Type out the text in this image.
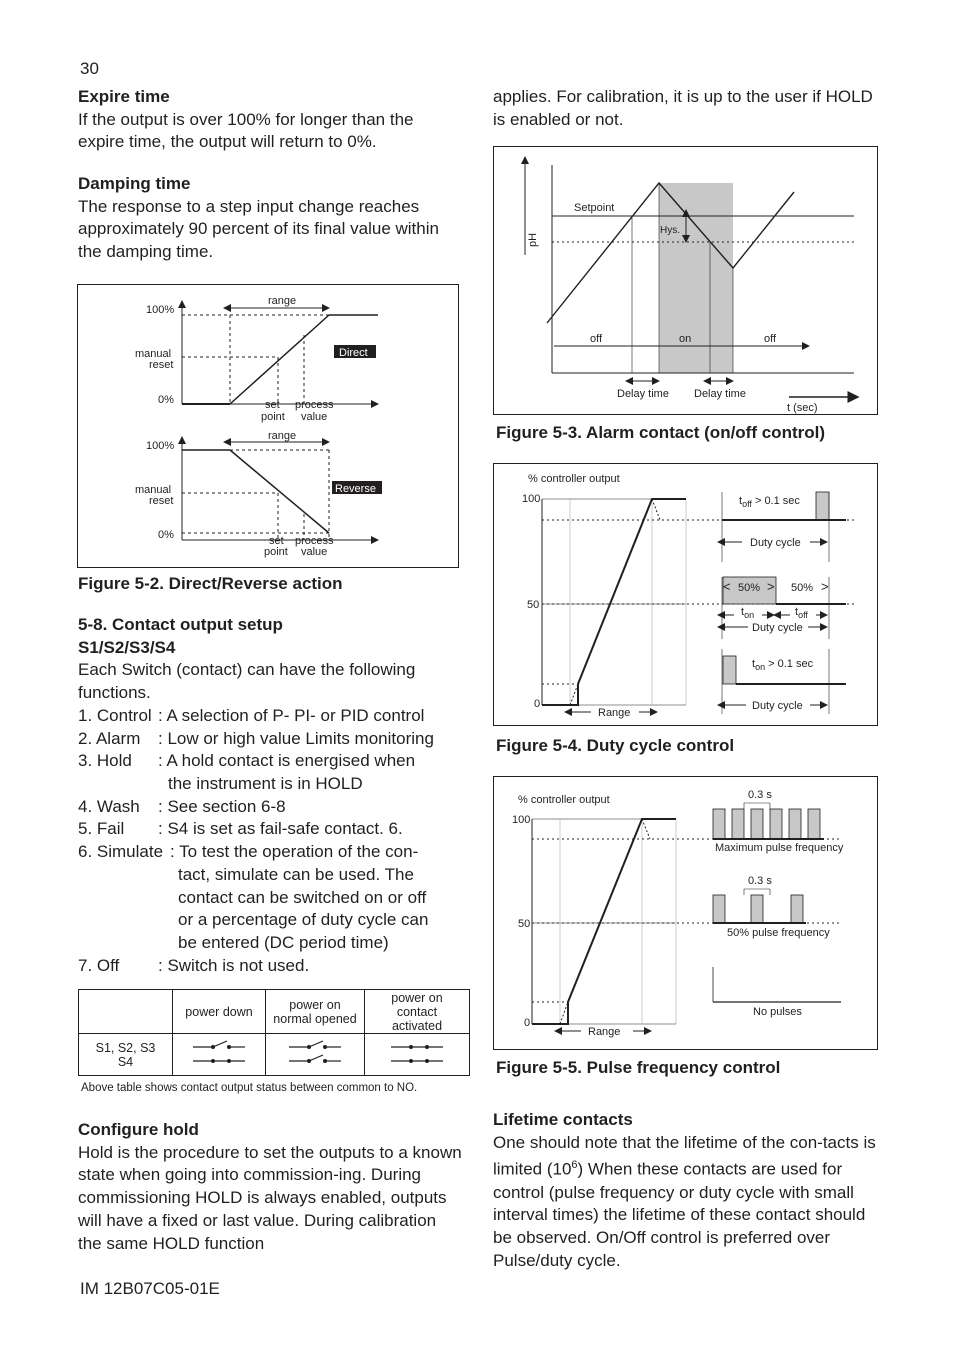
30
Expire time
If the output is over 100% for longer than the expire time, the output will return to 0%.
Damping time
The response to a step input change reaches approximately 90 percent of its final value within the damping time.
range
100%
manual
reset
0%	set
point
process
value
Direct
range
100%
manual
reset
0%	set
point
process
value
Reverse
Figure 5-2. Direct/Reverse action
5-8. Contact output setup
S1/S2/S3/S4
Each Switch (contact) can have the following functions.
1. Control : A selection of P- PI- or PID control
2. Alarm : Low or high value Limits monitoring
3. Hold : A hold contact is energised when
the instrument is in HOLD
4. Wash : See section 6-8
5. Fail : S4 is set as fail-safe contact. 6.
6. Simulate : To test the operation of the con-
tact, simulate can be used. The
contact can be switched on or off
or a percentage of duty cycle can
be entered (DC period time)
7. Off : Switch is not used.
	power down	power on normal opened	power on contact activated
S1, S2, S3 S4			
Above table shows contact output status between common to NO.
Configure hold
Hold is the procedure to set the outputs to a known state when going into commission-ing. During commissioning HOLD is always enabled, outputs will have a fixed or last value. During calibration the same HOLD function
IM 12B07C05-01E
applies. For calibration, it is up to the user if HOLD is enabled or not.
pH
Setpoint
Hys.
off	on	off
Delay time Delay time
t (sec)
Figure 5-3. Alarm contact (on/off control)
% controller output
100
50
0
Range
$t_{off} > 0.1$ sec
Duty cycle
< 50% > 50% >
$t_{on}$	$t_{off}$
Duty cycle
$t_{on} > 0.1$ sec
Duty cycle
Figure 5-4. Duty cycle control
% controller output
100
50
0
Range
0.3 s
Maximum pulse frequency
0.3 s
50% pulse frequency
No pulses
Figure 5-5. Pulse frequency control
Lifetime contacts
One should note that the lifetime of the con-tacts is limited $(10^6)$ When these contacts are used for control (pulse frequency or duty cycle with small interval times) the lifetime of these contact should be observed. On/Off control is preferred over Pulse/duty cycle.
